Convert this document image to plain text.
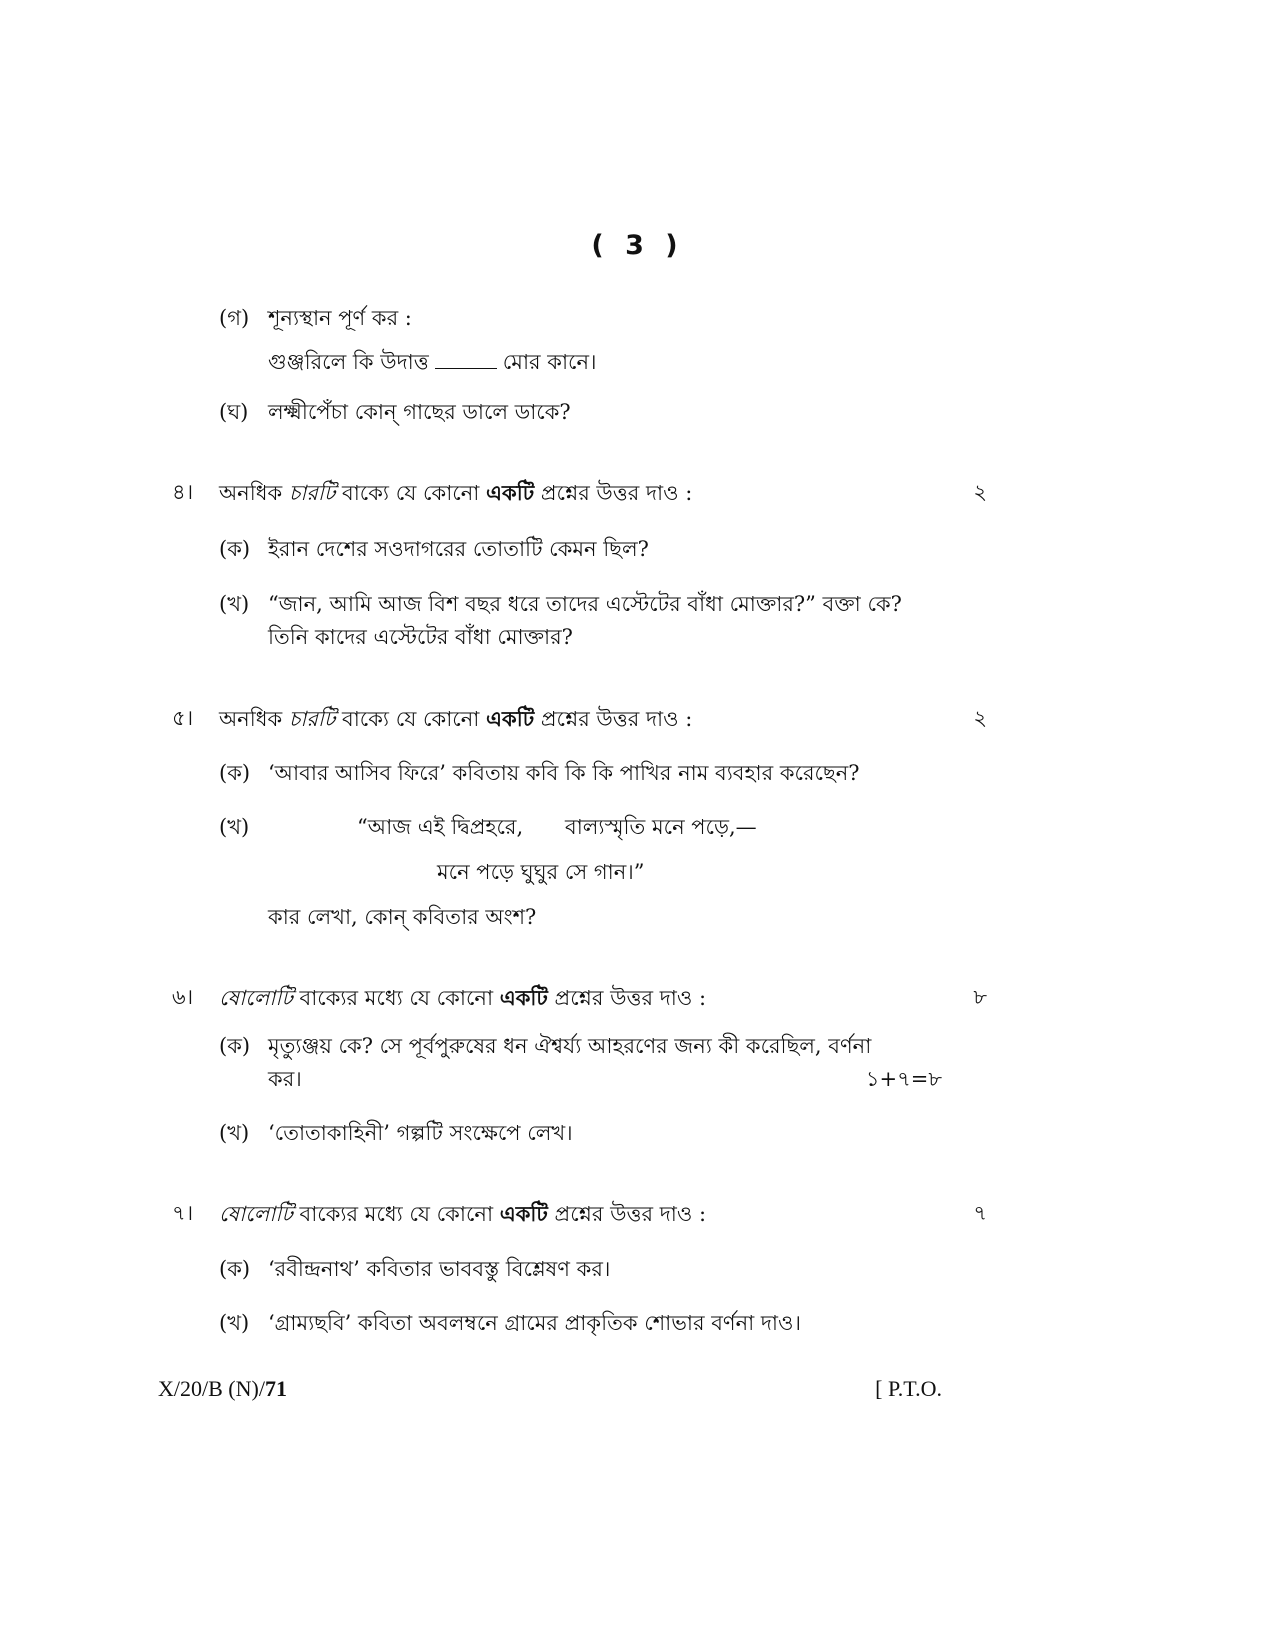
( 3 )
(গ) শূন্যস্থান পূর্ণ কর :
গুঞ্জরিলে কি উদাত্ত	মোর কানে।
(ঘ) লক্ষ্মীপেঁচা কোন্ গাছের ডালে ডাকে?
৪। অনধিক চারটি বাক্যে যে কোনো একটি প্রশ্নের উত্তর দাও :	২
(ক) ইরান দেশের সওদাগরের তোতাটি কেমন ছিল?
(খ) “জান, আমি আজ বিশ বছর ধরে তাদের এস্টেটের বাঁধা মোক্তার?” বক্তা কে?
তিনি কাদের এস্টেটের বাঁধা মোক্তার?
৫। অনধিক চারটি বাক্যে যে কোনো একটি প্রশ্নের উত্তর দাও :	২
(ক) ‘আবার আসিব ফিরে’ কবিতায় কবি কি কি পাখির নাম ব্যবহার করেছেন?
(খ)	“আজ এই দ্বিপ্রহরে, বাল্যস্মৃতি মনে পড়ে,—
মনে পড়ে ঘুঘুর সে গান।”
কার লেখা, কোন্ কবিতার অংশ?
৬। ষোলোটি বাক্যের মধ্যে যে কোনো একটি প্রশ্নের উত্তর দাও :	৮
(ক) মৃত্যুঞ্জয় কে? সে পূর্বপুরুষের ধন ঐশ্বর্য্য আহরণের জন্য কী করেছিল, বর্ণনা
কর।	১+৭=৮
(খ) ‘তোতাকাহিনী’ গল্পটি সংক্ষেপে লেখ।
৭। ষোলোটি বাক্যের মধ্যে যে কোনো একটি প্রশ্নের উত্তর দাও :	৭
(ক) ‘রবীন্দ্রনাথ’ কবিতার ভাববস্তু বিশ্লেষণ কর।
(খ) ‘গ্রাম্যছবি’ কবিতা অবলম্বনে গ্রামের প্রাকৃতিক শোভার বর্ণনা দাও।
X/20/B (N)/71	[ P.T.O.
